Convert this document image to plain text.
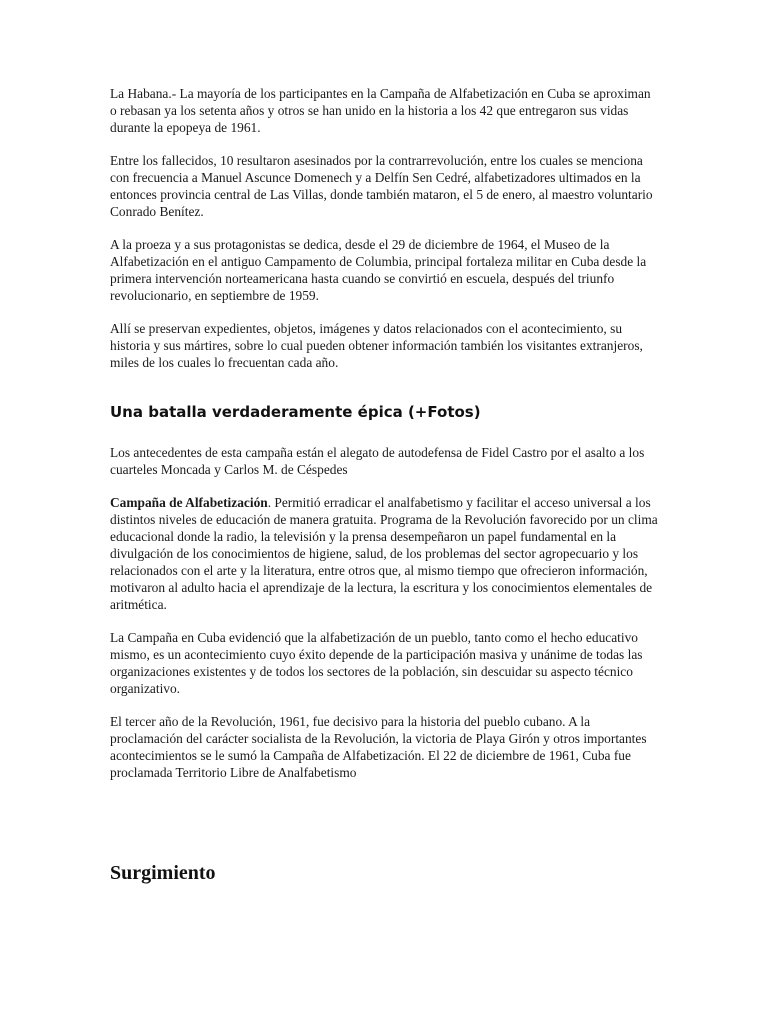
La Habana.- La mayoría de los participantes en la Campaña de Alfabetización en Cuba se aproximan o rebasan ya los setenta años y otros se han unido en la historia a los 42 que entregaron sus vidas durante la epopeya de 1961.

Entre los fallecidos, 10 resultaron asesinados por la contrarrevolución, entre los cuales se menciona con frecuencia a Manuel Ascunce Domenech y a Delfín Sen Cedré, alfabetizadores ultimados en la entonces provincia central de Las Villas, donde también mataron, el 5 de enero, al maestro voluntario Conrado Benítez.

A la proeza y a sus protagonistas se dedica, desde el 29 de diciembre de 1964, el Museo de la Alfabetización en el antiguo Campamento de Columbia, principal fortaleza militar en Cuba desde la primera intervención norteamericana hasta cuando se convirtió en escuela, después del triunfo revolucionario, en septiembre de 1959.

Allí se preservan expedientes, objetos, imágenes y datos relacionados con el acontecimiento, su historia y sus mártires, sobre lo cual pueden obtener información también los visitantes extranjeros, miles de los cuales lo frecuentan cada año.

Una batalla verdaderamente épica (+Fotos)

Los antecedentes de esta campaña están el alegato de autodefensa de Fidel Castro por el asalto a los cuarteles Moncada y Carlos M. de Céspedes

Campaña de Alfabetización. Permitió erradicar el analfabetismo y facilitar el acceso universal a los distintos niveles de educación de manera gratuita. Programa de la Revolución favorecido por un clima educacional donde la radio, la televisión y la prensa desempeñaron un papel fundamental en la divulgación de los conocimientos de higiene, salud, de los problemas del sector agropecuario y los relacionados con el arte y la literatura, entre otros que, al mismo tiempo que ofrecieron información, motivaron al adulto hacia el aprendizaje de la lectura, la escritura y los conocimientos elementales de aritmética.

La Campaña en Cuba evidenció que la alfabetización de un pueblo, tanto como el hecho educativo mismo, es un acontecimiento cuyo éxito depende de la participación masiva y unánime de todas las organizaciones existentes y de todos los sectores de la población, sin descuidar su aspecto técnico organizativo.

El tercer año de la Revolución, 1961, fue decisivo para la historia del pueblo cubano. A la proclamación del carácter socialista de la Revolución, la victoria de Playa Girón y otros importantes acontecimientos se le sumó la Campaña de Alfabetización. El 22 de diciembre de 1961, Cuba fue proclamada Territorio Libre de Analfabetismo

Surgimiento
